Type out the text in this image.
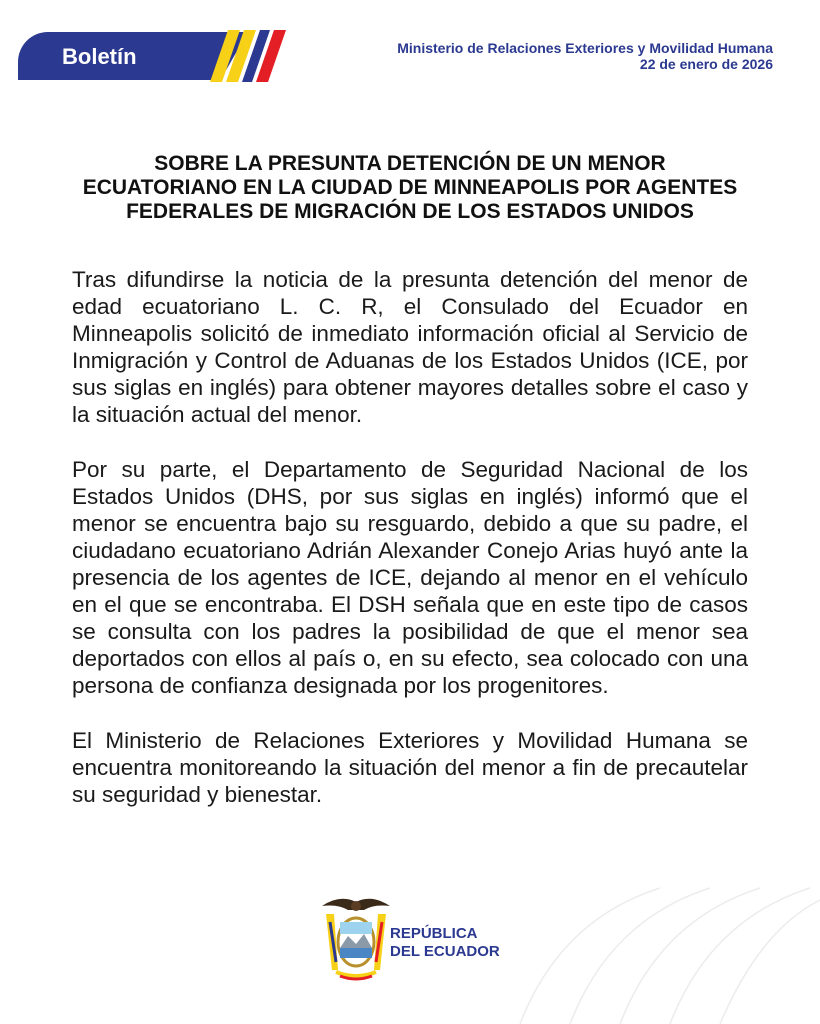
Boletín	Ministerio de Relaciones Exteriores y Movilidad Humana
22 de enero de 2026
SOBRE LA PRESUNTA DETENCIÓN DE UN MENOR ECUATORIANO EN LA CIUDAD DE MINNEAPOLIS POR AGENTES FEDERALES DE MIGRACIÓN DE LOS ESTADOS UNIDOS

Tras difundirse la noticia de la presunta detención del menor de edad ecuatoriano L. C. R, el Consulado del Ecuador en Minneapolis solicitó de inmediato información oficial al Servicio de Inmigración y Control de Aduanas de los Estados Unidos (ICE, por sus siglas en inglés) para obtener mayores detalles sobre el caso y la situación actual del menor.

Por su parte, el Departamento de Seguridad Nacional de los Estados Unidos (DHS, por sus siglas en inglés) informó que el menor se encuentra bajo su resguardo, debido a que su padre, el ciudadano ecuatoriano Adrián Alexander Conejo Arias huyó ante la presencia de los agentes de ICE, dejando al menor en el vehículo en el que se encontraba. El DSH señala que en este tipo de casos se consulta con los padres la posibilidad de que el menor sea deportados con ellos al país o, en su efecto, sea colocado con una persona de confianza designada por los progenitores.

El Ministerio de Relaciones Exteriores y Movilidad Humana se encuentra monitoreando la situación del menor a fin de precautelar su seguridad y bienestar.

REPÚBLICA
DEL ECUADOR
